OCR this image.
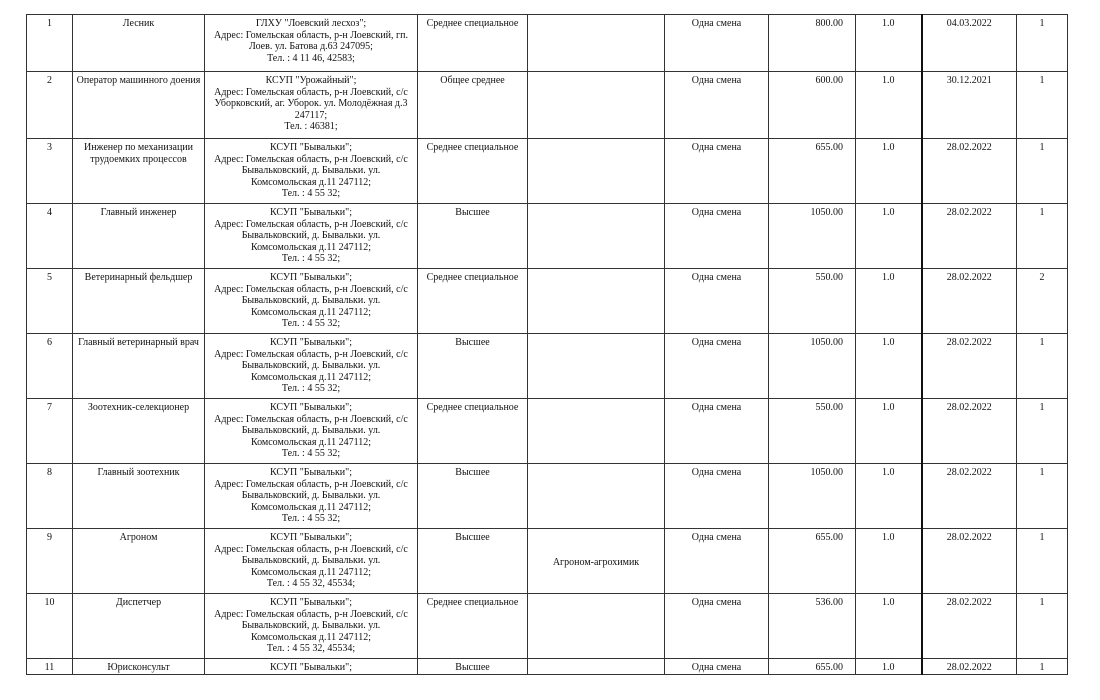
1	Лесник	ГЛХУ "Лоевский лесхоз";
Адрес: Гомельская область, р-н Лоевский, гп.
Лоев. ул. Батова д.63 247095;
Тел. : 4 11 46, 42583;	Среднее специальное		Одна смена	800.00	1.0	04.03.2022	1
2	Оператор машинного доения	КСУП "Урожайный";
Адрес: Гомельская область, р-н Лоевский, с/с
Уборковский, аг. Уборок. ул. Молодёжная д.3
247117;
Тел. : 46381;	Общее среднее		Одна смена	600.00	1.0	30.12.2021	1
3	Инженер по механизации трудоемких процессов	КСУП "Бывальки";
Адрес: Гомельская область, р-н Лоевский, с/с
Бывальковский, д. Бывальки. ул.
Комсомольская д.11 247112;
Тел. : 4 55 32;	Среднее специальное		Одна смена	655.00	1.0	28.02.2022	1
4	Главный инженер	КСУП "Бывальки";
Адрес: Гомельская область, р-н Лоевский, с/с
Бывальковский, д. Бывальки. ул.
Комсомольская д.11 247112;
Тел. : 4 55 32;	Высшее		Одна смена	1050.00	1.0	28.02.2022	1
5	Ветеринарный фельдшер	КСУП "Бывальки";
Адрес: Гомельская область, р-н Лоевский, с/с
Бывальковский, д. Бывальки. ул.
Комсомольская д.11 247112;
Тел. : 4 55 32;	Среднее специальное		Одна смена	550.00	1.0	28.02.2022	2
6	Главный ветеринарный врач	КСУП "Бывальки";
Адрес: Гомельская область, р-н Лоевский, с/с
Бывальковский, д. Бывальки. ул.
Комсомольская д.11 247112;
Тел. : 4 55 32;	Высшее		Одна смена	1050.00	1.0	28.02.2022	1
7	Зоотехник-селекционер	КСУП "Бывальки";
Адрес: Гомельская область, р-н Лоевский, с/с
Бывальковский, д. Бывальки. ул.
Комсомольская д.11 247112;
Тел. : 4 55 32;	Среднее специальное		Одна смена	550.00	1.0	28.02.2022	1
8	Главный зоотехник	КСУП "Бывальки";
Адрес: Гомельская область, р-н Лоевский, с/с
Бывальковский, д. Бывальки. ул.
Комсомольская д.11 247112;
Тел. : 4 55 32;	Высшее		Одна смена	1050.00	1.0	28.02.2022	1
9	Агроном	КСУП "Бывальки";
Адрес: Гомельская область, р-н Лоевский, с/с
Бывальковский, д. Бывальки. ул.
Комсомольская д.11 247112;
Тел. : 4 55 32, 45534;	Высшее	Агроном-агрохимик	Одна смена	655.00	1.0	28.02.2022	1
10	Диспетчер	КСУП "Бывальки";
Адрес: Гомельская область, р-н Лоевский, с/с
Бывальковский, д. Бывальки. ул.
Комсомольская д.11 247112;
Тел. : 4 55 32, 45534;	Среднее специальное		Одна смена	536.00	1.0	28.02.2022	1
11	Юрисконсульт	КСУП "Бывальки";	Высшее		Одна смена	655.00	1.0	28.02.2022	1
